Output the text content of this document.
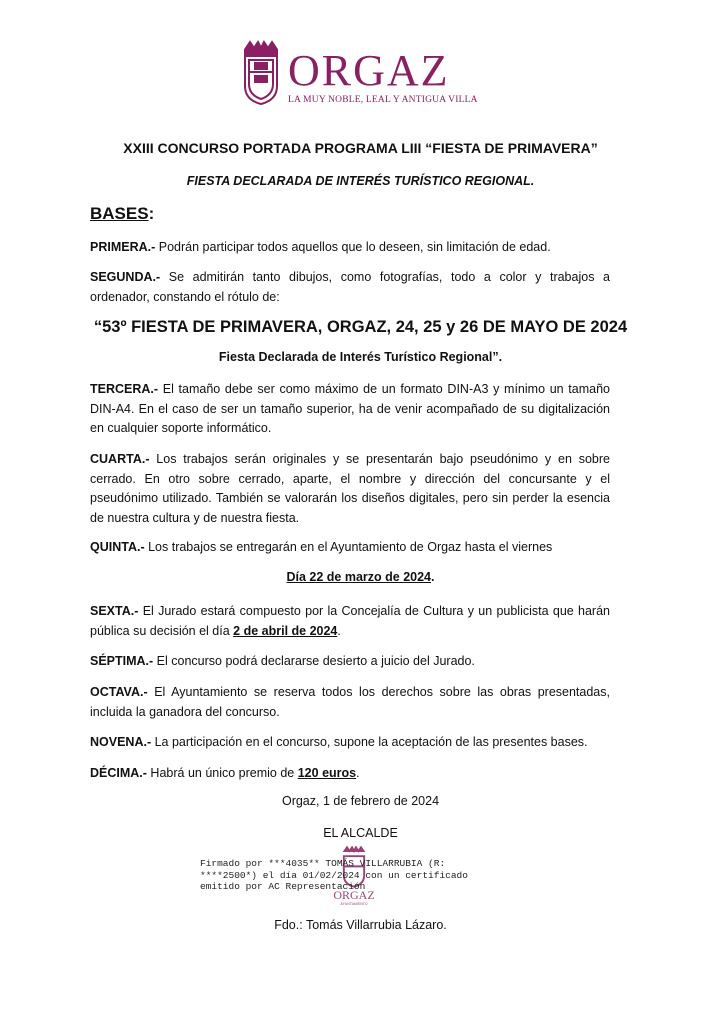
ORGAZ
LA MUY NOBLE, LEAL Y ANTIGUA VILLA
XXIII CONCURSO PORTADA PROGRAMA LIII “FIESTA DE PRIMAVERA”
FIESTA DECLARADA DE INTERÉS TURÍSTICO REGIONAL.
BASES:
PRIMERA.- Podrán participar todos aquellos que lo deseen, sin limitación de edad.
SEGUNDA.- Se admitirán tanto dibujos, como fotografías, todo a color y trabajos a ordenador, constando el rótulo de:
“53º FIESTA DE PRIMAVERA, ORGAZ, 24, 25 y 26 DE MAYO DE 2024
Fiesta Declarada de Interés Turístico Regional”.
TERCERA.- El tamaño debe ser como máximo de un formato DIN-A3 y mínimo un tamaño DIN-A4. En el caso de ser un tamaño superior, ha de venir acompañado de su digitalización en cualquier soporte informático.
CUARTA.- Los trabajos serán originales y se presentarán bajo pseudónimo y en sobre cerrado. En otro sobre cerrado, aparte, el nombre y dirección del concursante y el pseudónimo utilizado. También se valorarán los diseños digitales, pero sin perder la esencia de nuestra cultura y de nuestra fiesta.
QUINTA.- Los trabajos se entregarán en el Ayuntamiento de Orgaz hasta el viernes
Día 22 de marzo de 2024.
SEXTA.- El Jurado estará compuesto por la Concejalía de Cultura y un publicista que harán pública su decisión el día 2 de abril de 2024.
SÉPTIMA.- El concurso podrá declararse desierto a juicio del Jurado.
OCTAVA.- El Ayuntamiento se reserva todos los derechos sobre las obras presentadas, incluida la ganadora del concurso.
NOVENA.- La participación en el concurso, supone la aceptación de las presentes bases.
DÉCIMA.- Habrá un único premio de 120 euros.
Orgaz, 1 de febrero de 2024
EL ALCALDE
ORGAZ
AYUNTAMIENTO
Firmado por ***4035** TOMÁS VILLARRUBIA (R:
****2500*) el día 01/02/2024 con un certificado
emitido por AC Representación
Fdo.: Tomás Villarrubia Lázaro.
